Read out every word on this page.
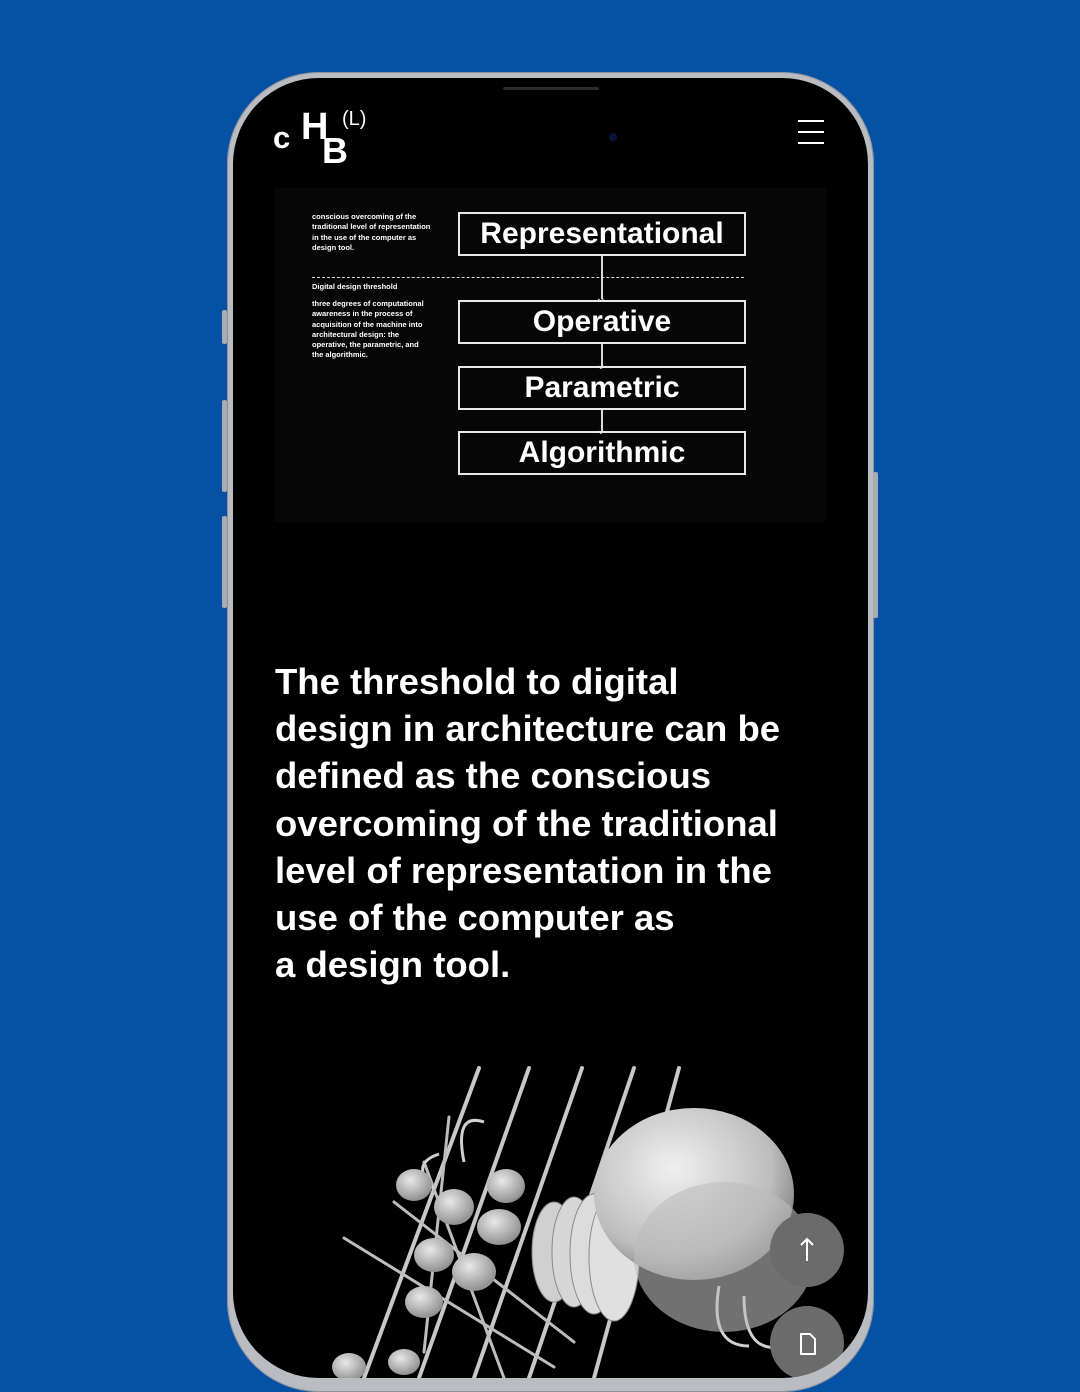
c H
B
(L)
conscious overcoming of the
traditional level of representation
in the use of the computer as
design tool.
Digital design threshold
three degrees of computational
awareness in the process of
acquisition of the machine into
architectural design: the
operative, the parametric, and
the algorithmic.
⌄
⌄
⌄
Representational
Operative
Parametric
Algorithmic
The threshold to digital
design in architecture can be
defined as the conscious
overcoming of the traditional
level of representation in the
use of the computer as
a design tool.
